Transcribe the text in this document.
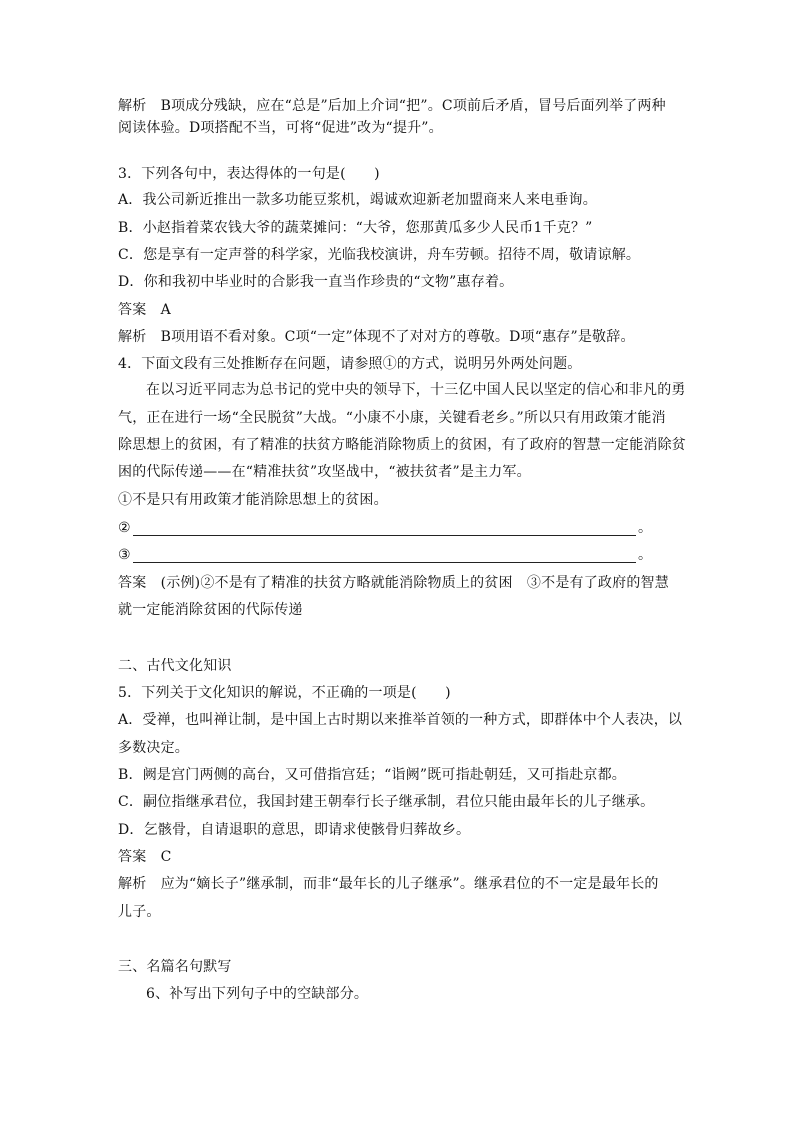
解析　B项成分残缺，应在“总是”后加上介词“把”。C项前后矛盾，冒号后面列举了两种
阅读体验。D项搭配不当，可将“促进”改为“提升”。
3．下列各句中，表达得体的一句是(　　)
A．我公司新近推出一款多功能豆浆机，竭诚欢迎新老加盟商来人来电垂询。
B．小赵指着菜农钱大爷的蔬菜摊问：“大爷，您那黄瓜多少人民币1千克？”
C．您是享有一定声誉的科学家，光临我校演讲，舟车劳顿。招待不周，敬请谅解。
D．你和我初中毕业时的合影我一直当作珍贵的“文物”惠存着。
答案　A
解析　B项用语不看对象。C项“一定”体现不了对对方的尊敬。D项“惠存”是敬辞。
4．下面文段有三处推断存在问题，请参照①的方式，说明另外两处问题。
在以习近平同志为总书记的党中央的领导下，十三亿中国人民以坚定的信心和非凡的勇
气，正在进行一场“全民脱贫”大战。“小康不小康，关键看老乡。”所以只有用政策才能消
除思想上的贫困，有了精准的扶贫方略能消除物质上的贫困，有了政府的智慧一定能消除贫
困的代际传递——在“精准扶贫”攻坚战中，“被扶贫者”是主力军。
①不是只有用政策才能消除思想上的贫困。
②	。
③	。
答案　(示例)②不是有了精准的扶贫方略就能消除物质上的贫困　③不是有了政府的智慧
就一定能消除贫困的代际传递
二、古代文化知识
5．下列关于文化知识的解说，不正确的一项是(　　)
A．受禅，也叫禅让制，是中国上古时期以来推举首领的一种方式，即群体中个人表决，以
多数决定。
B．阙是宫门两侧的高台，又可借指宫廷；“诣阙”既可指赴朝廷，又可指赴京都。
C．嗣位指继承君位，我国封建王朝奉行长子继承制，君位只能由最年长的儿子继承。
D．乞骸骨，自请退职的意思，即请求使骸骨归葬故乡。
答案　C
解析　应为“嫡长子”继承制，而非“最年长的儿子继承”。继承君位的不一定是最年长的
儿子。
三、名篇名句默写
6、补写出下列句子中的空缺部分。
